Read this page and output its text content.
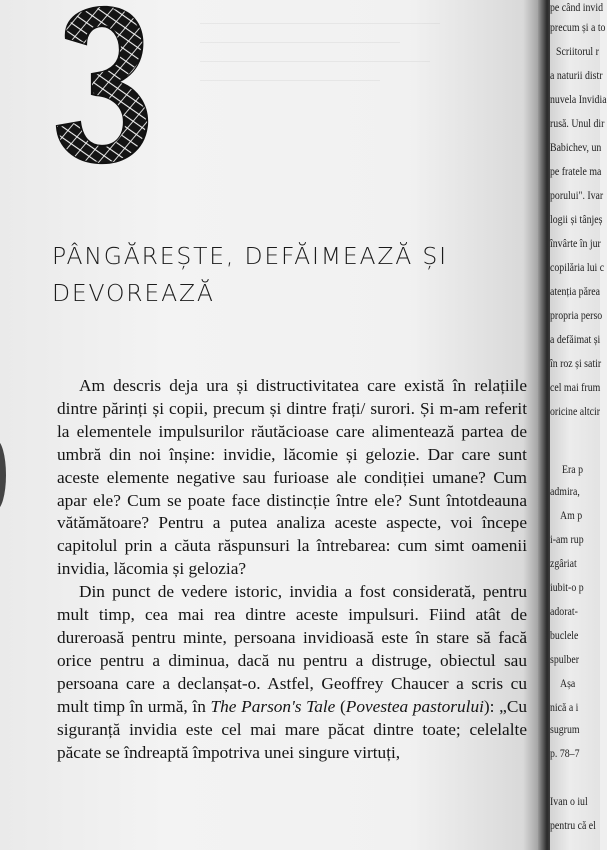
PÂNGĂREȘTE, DEFĂIMEAZĂ ȘI
DEVOREAZĂ

Am descris deja ura și distructivitatea care există în relațiile dintre părinți și copii, precum și dintre frați/ surori. Și m-am referit la elementele impulsurilor răutăcioase care alimentează partea de umbră din noi înșine: invidie, lăcomie și gelozie. Dar care sunt aceste elemente negative sau furioase ale condiției umane? Cum apar ele? Cum se poate face distincție între ele? Sunt întotdeauna vătămătoare? Pentru a putea analiza aceste aspecte, voi începe capitolul prin a căuta răspunsuri la întrebarea: cum simt oamenii invidia, lăcomia și gelozia?

Din punct de vedere istoric, invidia a fost considerată, pentru mult timp, cea mai rea dintre aceste impulsuri. Fiind atât de dureroasă pentru minte, persoana invidioasă este în stare să facă orice pentru a diminua, dacă nu pentru a distruge, obiectul sau persoana care a declanșat-o. Astfel, Geoffrey Chaucer a scris cu mult timp în urmă, în The Parson's Tale (Povestea pastorului): „Cu siguranță invidia este cel mai mare păcat dintre toate; celelalte păcate se îndreaptă împotriva unei singure virtuți,

pe când invid
precum și a to
Scriitorul r
a naturii distr
nuvela Invidia
rusă. Unul dir
Babichev, un
pe fratele ma
porului". Ivar
logii și tânjeș
învârte în jur
copilăria lui c
atenția părea
propria perso
a defăimat și
în roz și satir
cel mai frum
oricine altcir
Era p
admira,
Am p
i-am rup
zgâriat
iubit-o p
adorat-
buclele
spulber
Așa
nică a i
sugrum
p. 78–7
Ivan o iul
pentru că el
